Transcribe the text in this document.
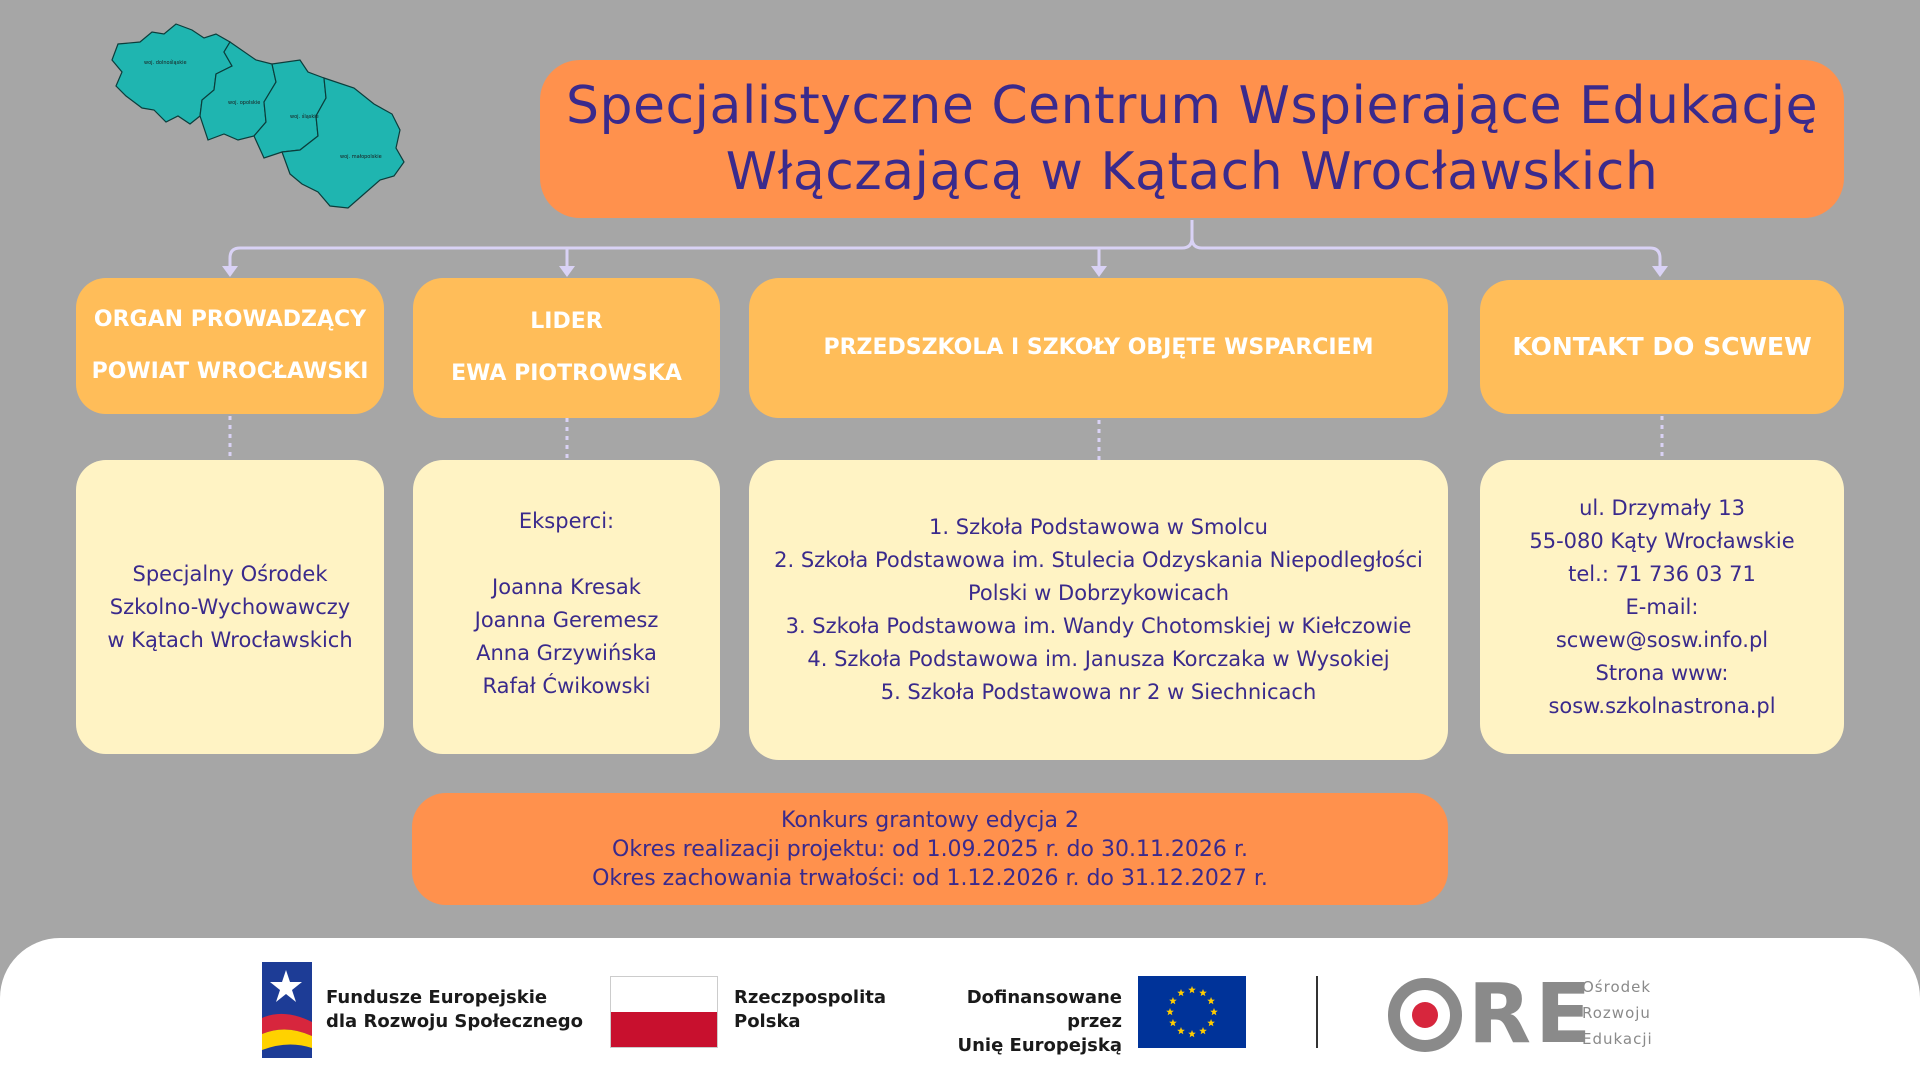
woj. dolnośląskie
woj. opolskie
woj. śląskie
woj. małopolskie
Specjalistyczne Centrum Wspierające Edukację
Włączającą w Kątach Wrocławskich
ORGAN PROWADZĄCY
POWIAT WROCŁAWSKI
LIDER
EWA PIOTROWSKA
PRZEDSZKOLA I SZKOŁY OBJĘTE WSPARCIEM	KONTAKT DO SCWEW
Specjalny Ośrodek
Szkolno-Wychowawczy
w Kątach Wrocławskich
Eksperci:
Joanna Kresak
Joanna Geremesz
Anna Grzywińska
Rafał Ćwikowski
1. Szkoła Podstawowa w Smolcu
2. Szkoła Podstawowa im. Stulecia Odzyskania Niepodległości
Polski w Dobrzykowicach
3. Szkoła Podstawowa im. Wandy Chotomskiej w Kiełczowie
4. Szkoła Podstawowa im. Janusza Korczaka w Wysokiej
5. Szkoła Podstawowa nr 2 w Siechnicach
ul. Drzymały 13
55-080 Kąty Wrocławskie
tel.: 71 736 03 71
E-mail:
scwew@sosw.info.pl
Strona www:
sosw.szkolnastrona.pl
Konkurs grantowy edycja 2
Okres realizacji projektu: od 1.09.2025 r. do 30.11.2026 r.
Okres zachowania trwałości: od 1.12.2026 r. do 31.12.2027 r.
Fundusze Europejskie
dla Rozwoju Społecznego
Rzeczpospolita
Polska
Dofinansowane przez
Unię Europejską	RE
Ośrodek
Rozwoju
Edukacji
